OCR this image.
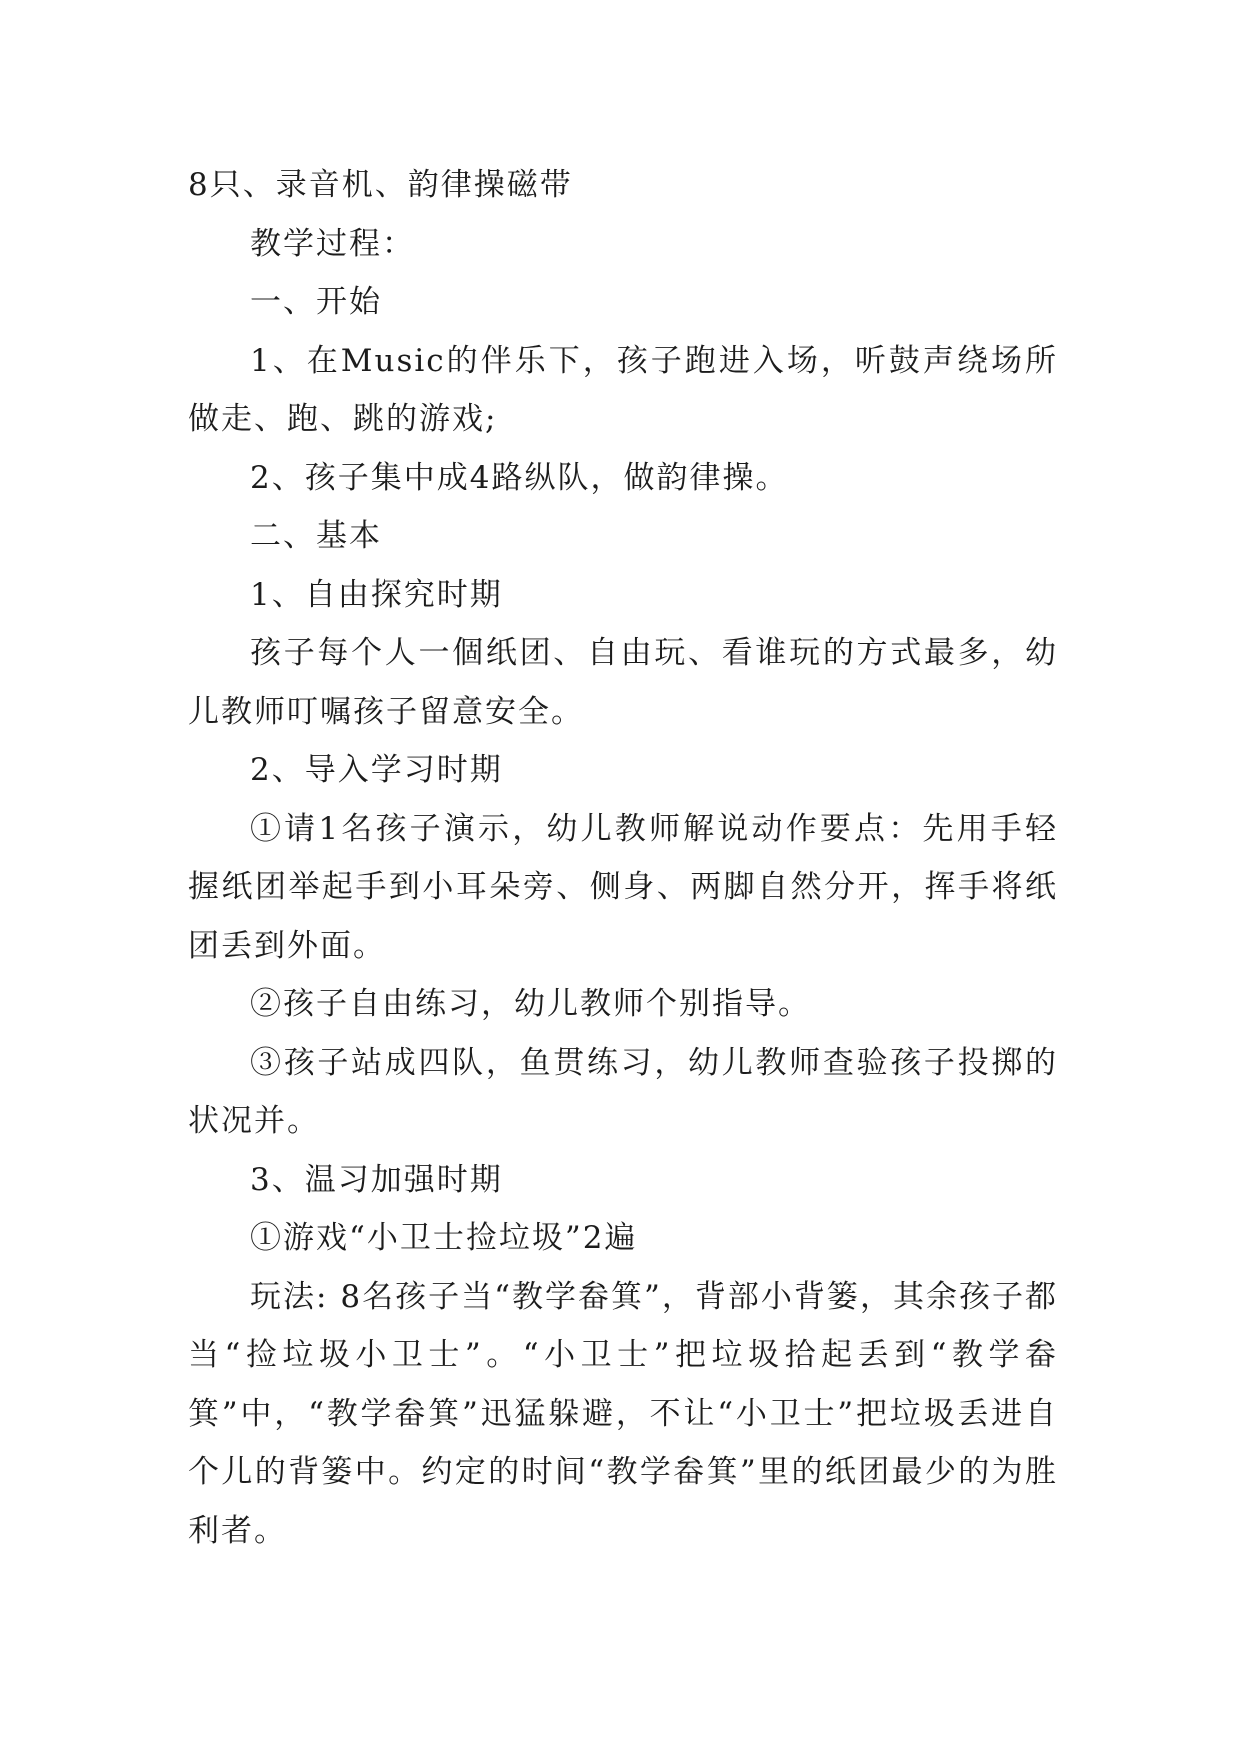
8只、录音机、韵律操磁带

教学过程：

一、开始

1、在Music的伴乐下，孩子跑进入场，听鼓声绕场所做走、跑、跳的游戏;

2、孩子集中成4路纵队，做韵律操。

二、基本

1、自由探究时期

孩子每个人一個纸团、自由玩、看谁玩的方式最多，幼儿教师叮嘱孩子留意安全。

2、导入学习时期

①请1名孩子演示，幼儿教师解说动作要点：先用手轻握纸团举起手到小耳朵旁、侧身、两脚自然分开，挥手将纸团丢到外面。

②孩子自由练习，幼儿教师个别指导。

③孩子站成四队，鱼贯练习，幼儿教师查验孩子投掷的状况并。

3、温习加强时期

①游戏“小卫士捡垃圾”2遍

玩法: 8名孩子当“教学畚箕”，背部小背篓，其余孩子都当“捡垃圾小卫士”。“小卫士”把垃圾拾起丢到“教学畚箕”中，“教学畚箕”迅猛躲避，不让“小卫士”把垃圾丢进自个儿的背篓中。约定的时间“教学畚箕”里的纸团最少的为胜利者。
